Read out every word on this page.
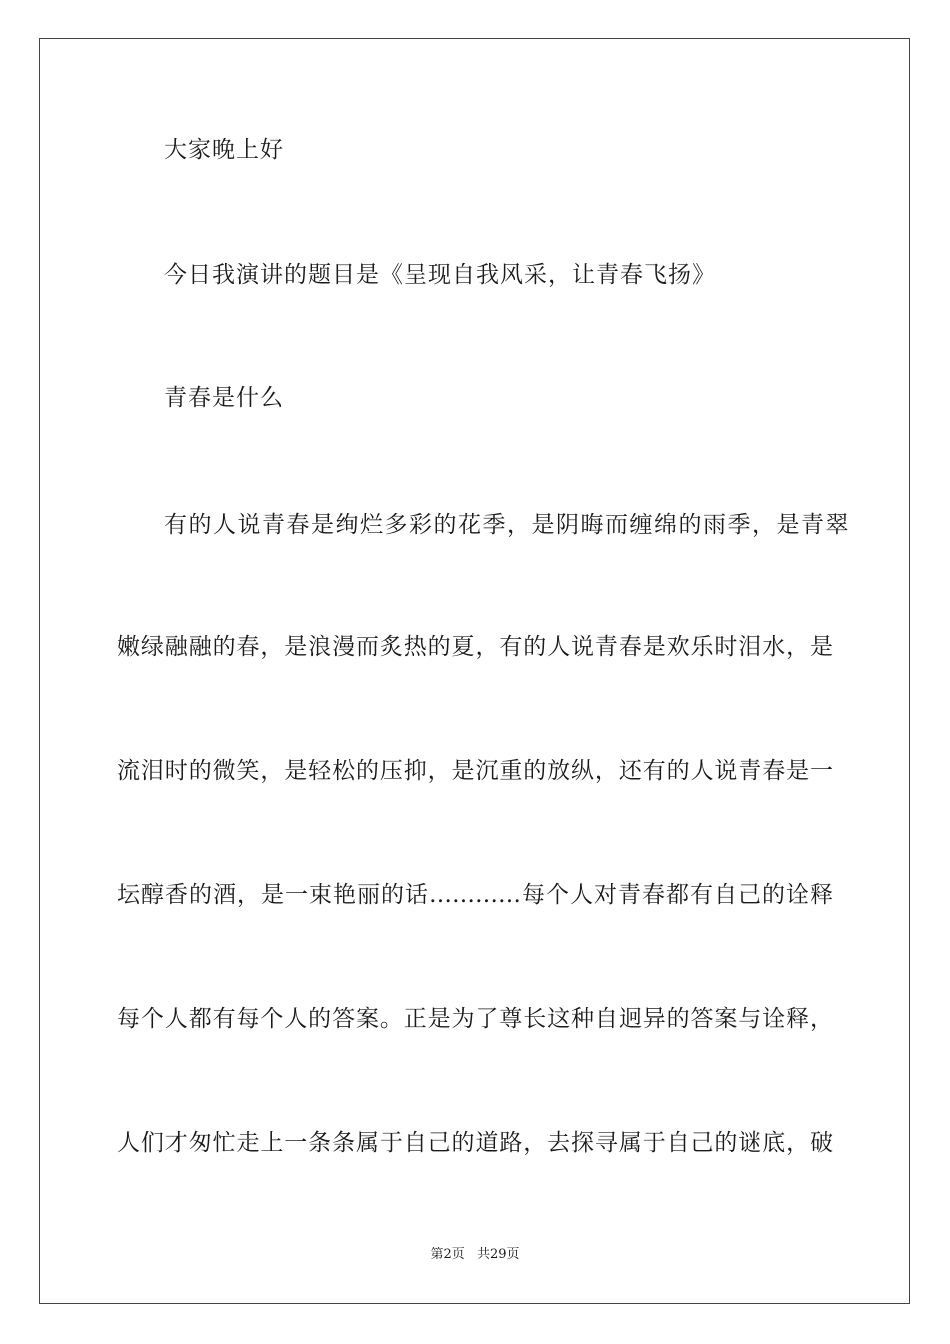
大家晚上好
今日我演讲的题目是《呈现自我风采，让青春飞扬》
青春是什么
有的人说青春是绚烂多彩的花季，是阴晦而缠绵的雨季，是青翠
嫩绿融融的春，是浪漫而炙热的夏，有的人说青春是欢乐时泪水，是
流泪时的微笑，是轻松的压抑，是沉重的放纵，还有的人说青春是一
坛醇香的酒，是一束艳丽的话…………每个人对青春都有自己的诠释
每个人都有每个人的答案。正是为了尊长这种自迥异的答案与诠释，
人们才匆忙走上一条条属于自己的道路，去探寻属于自己的谜底，破
第2页 共29页
